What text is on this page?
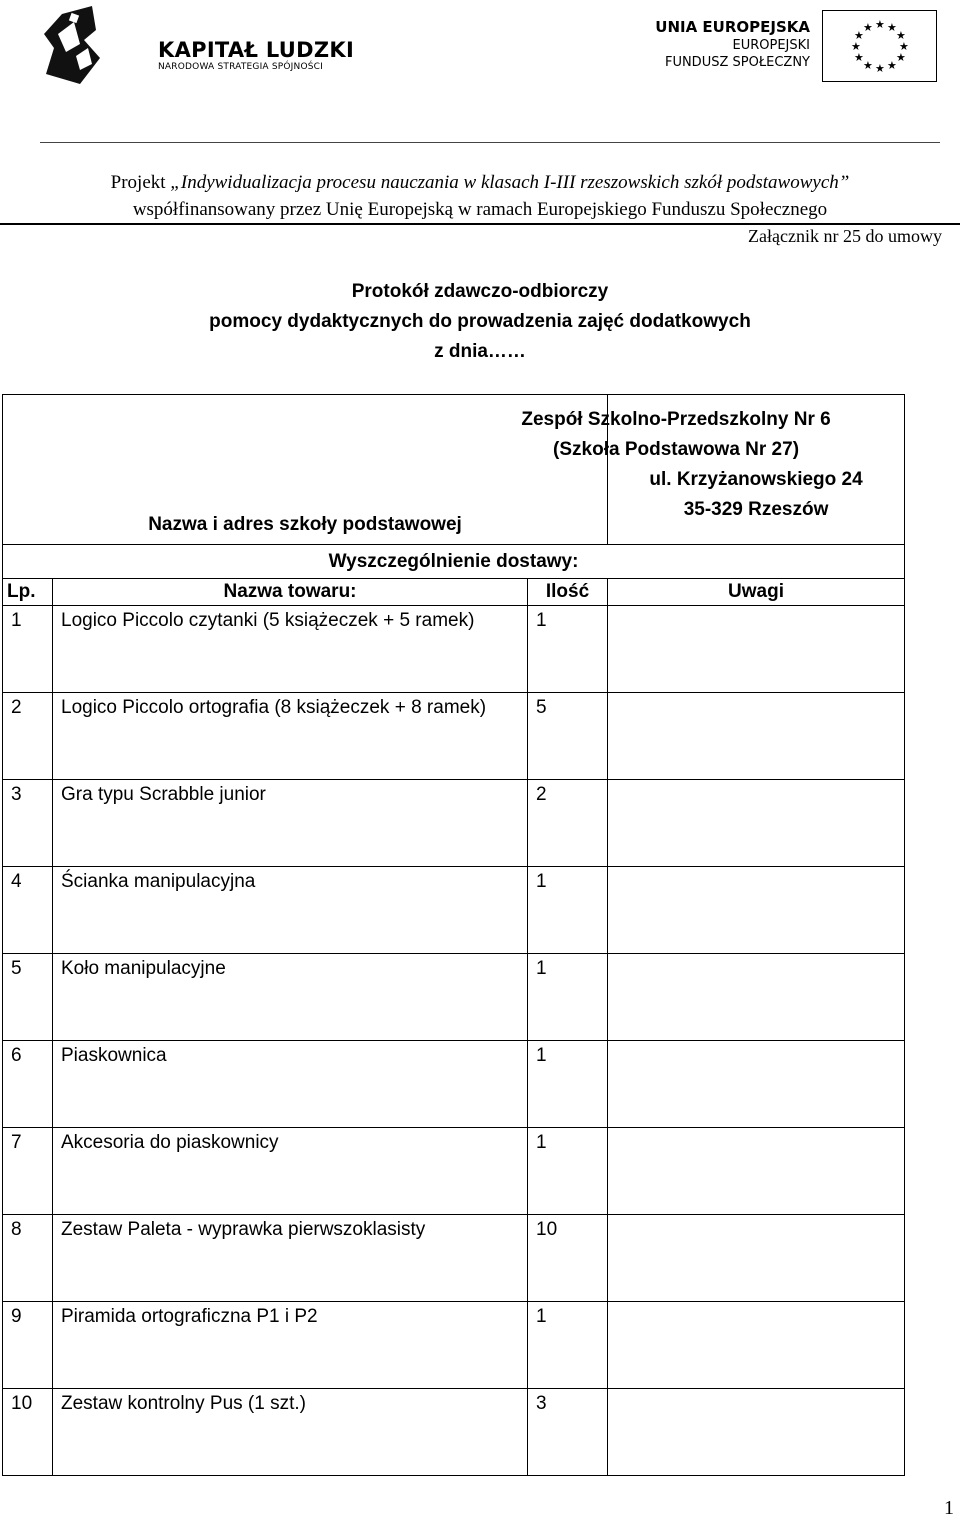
KAPITAŁ LUDZKI
NARODOWA STRATEGIA SPÓJNOŚCI
UNIA EUROPEJSKA
EUROPEJSKI
FUNDUSZ SPOŁECZNY
★ ★
★
★
★
★
★
★
★
★
★
★
Projekt „Indywidualizacja procesu nauczania w klasach I-III rzeszowskich szkół podstawowych”
współfinansowany przez Unię Europejską w ramach Europejskiego Funduszu Społecznego
Załącznik nr 25 do umowy
Protokół zdawczo-odbiorczy
pomocy dydaktycznych do prowadzenia zajęć dodatkowych
z dnia……
Nazwa i adres szkoły podstawowej			Zespół Szkolno-Przedszkolny Nr 6
(Szkoła Podstawowa Nr 27)
ul. Krzyżanowskiego 24
35-329 Rzeszów

Wyszczególnienie dostawy:			
Lp.	Nazwa towaru:	Ilość	Uwagi
1	Logico Piccolo czytanki (5 książeczek + 5 ramek)	1	
2	Logico Piccolo ortografia (8 książeczek + 8 ramek)	5	
3	Gra typu Scrabble junior	2	
4	Ścianka manipulacyjna	1	
5	Koło manipulacyjne	1	
6	Piaskownica	1	
7	Akcesoria do piaskownicy	1	
8	Zestaw Paleta - wyprawka pierwszoklasisty	10	
9	Piramida ortograficzna P1 i P2	1	
10	Zestaw kontrolny Pus (1 szt.)	3	
1
